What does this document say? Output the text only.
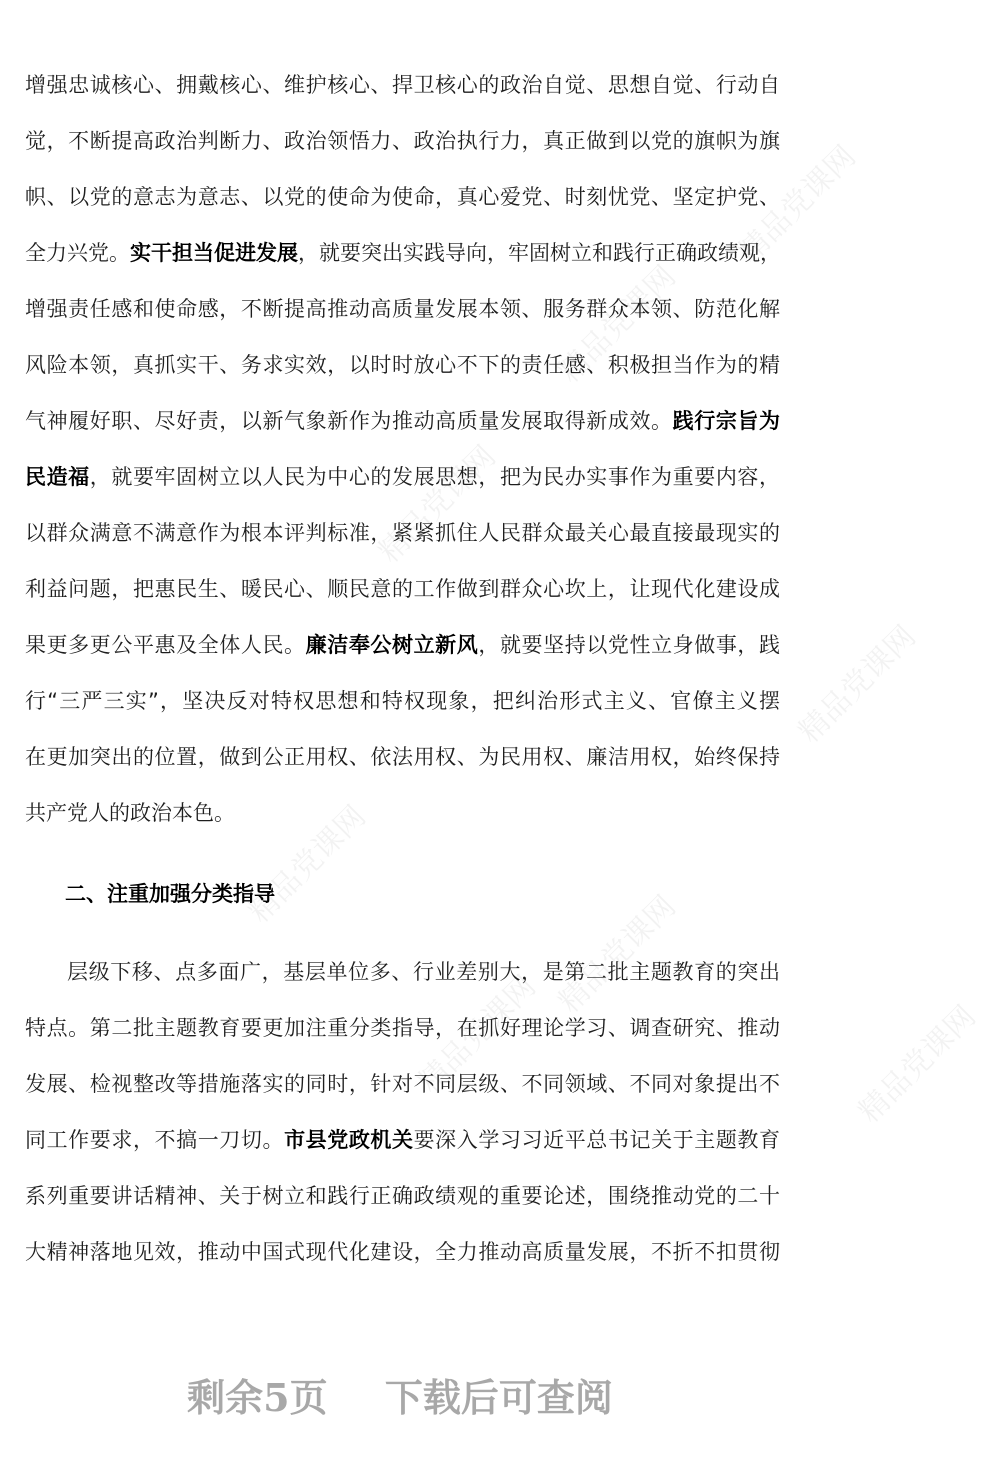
精品党课网
精品党课网
精品党课网
精品党课网
精品党课网
精品党课网
精品党课网
精品党课网
增强忠诚核心、拥戴核心、维护核心、捍卫核心的政治自觉、思想自觉、行动自
觉，不断提高政治判断力、政治领悟力、政治执行力，真正做到以党的旗帜为旗
帜、以党的意志为意志、以党的使命为使命，真心爱党、时刻忧党、坚定护党、
全力兴党。实干担当促进发展，就要突出实践导向，牢固树立和践行正确政绩观，
增强责任感和使命感，不断提高推动高质量发展本领、服务群众本领、防范化解
风险本领，真抓实干、务求实效，以时时放心不下的责任感、积极担当作为的精
气神履好职、尽好责，以新气象新作为推动高质量发展取得新成效。践行宗旨为
民造福，就要牢固树立以人民为中心的发展思想，把为民办实事作为重要内容，
以群众满意不满意作为根本评判标准，紧紧抓住人民群众最关心最直接最现实的
利益问题，把惠民生、暖民心、顺民意的工作做到群众心坎上，让现代化建设成
果更多更公平惠及全体人民。廉洁奉公树立新风，就要坚持以党性立身做事，践
行“三严三实”，坚决反对特权思想和特权现象，把纠治形式主义、官僚主义摆
在更加突出的位置，做到公正用权、依法用权、为民用权、廉洁用权，始终保持
共产党人的政治本色。
二、注重加强分类指导
层级下移、点多面广，基层单位多、行业差别大，是第二批主题教育的突出
特点。第二批主题教育要更加注重分类指导，在抓好理论学习、调查研究、推动
发展、检视整改等措施落实的同时，针对不同层级、不同领域、不同对象提出不
同工作要求，不搞一刀切。市县党政机关要深入学习习近平总书记关于主题教育
系列重要讲话精神、关于树立和践行正确政绩观的重要论述，围绕推动党的二十
大精神落地见效，推动中国式现代化建设，全力推动高质量发展，不折不扣贯彻
剩余5页 下载后可查阅
